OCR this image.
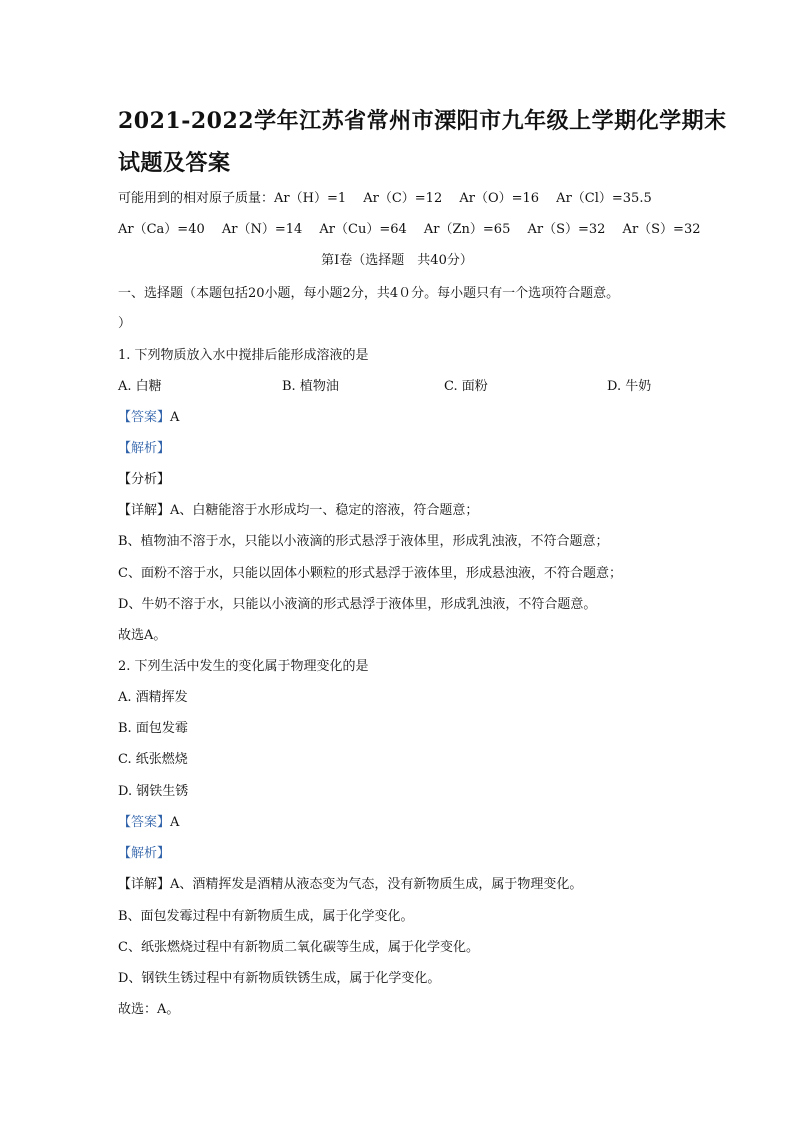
2021-2022学年江苏省常州市溧阳市九年级上学期化学期末
试题及答案
可能用到的相对原子质量：Ar（H）=1　 Ar（C）=12　 Ar（O）=16　 Ar（Cl）=35.5
Ar（Ca）=40　 Ar（N）=14　 Ar（Cu）=64　 Ar（Zn）=65　 Ar（S）=32　 Ar（S）=32
第Ⅰ卷（选择题　共40分）
一、选择题（本题包括20小题，每小题2分，共4０分。每小题只有一个选项符合题意。
）
1. 下列物质放入水中搅排后能形成溶液的是
A. 白糖	B. 植物油	C. 面粉	D. 牛奶
【答案】A
【解析】
【分析】
【详解】A、白糖能溶于水形成均一、稳定的溶液，符合题意；
B、植物油不溶于水，只能以小液滴的形式悬浮于液体里，形成乳浊液，不符合题意；
C、面粉不溶于水，只能以固体小颗粒的形式悬浮于液体里，形成悬浊液，不符合题意；
D、牛奶不溶于水，只能以小液滴的形式悬浮于液体里，形成乳浊液，不符合题意。
故选A。
2. 下列生活中发生的变化属于物理变化的是
A. 酒精挥发
B. 面包发霉
C. 纸张燃烧
D. 钢铁生锈
【答案】A
【解析】
【详解】A、酒精挥发是酒精从液态变为气态，没有新物质生成，属于物理变化。
B、面包发霉过程中有新物质生成，属于化学变化。
C、纸张燃烧过程中有新物质二氧化碳等生成，属于化学变化。
D、钢铁生锈过程中有新物质铁锈生成，属于化学变化。
故选：A。
